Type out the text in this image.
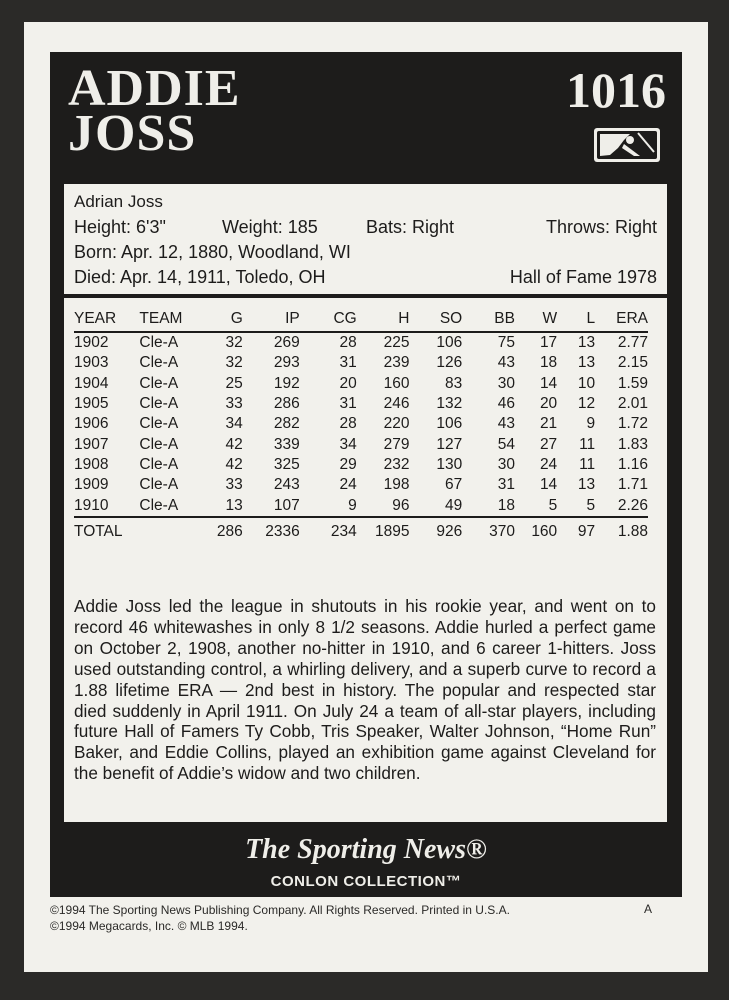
ADDIE
JOSS
1016
Adrian Joss
Height: 6'3"	Weight: 185	Bats: Right	Throws: Right
Born: Apr. 12, 1880, Woodland, WI
Died: Apr. 14, 1911, Toledo, OH	Hall of Fame 1978
YEAR	TEAM	G	IP	CG	H	SO	BB	W	L	ERA
1902	Cle-A	32	269	28	225	106	75	17	13	2.77
1903	Cle-A	32	293	31	239	126	43	18	13	2.15
1904	Cle-A	25	192	20	160	83	30	14	10	1.59
1905	Cle-A	33	286	31	246	132	46	20	12	2.01
1906	Cle-A	34	282	28	220	106	43	21	9	1.72
1907	Cle-A	42	339	34	279	127	54	27	11	1.83
1908	Cle-A	42	325	29	232	130	30	24	11	1.16
1909	Cle-A	33	243	24	198	67	31	14	13	1.71
1910	Cle-A	13	107	9	96	49	18	5	5	2.26
TOTAL		286	2336	234	1895	926	370	160	97	1.88
Addie Joss led the league in shutouts in his rookie year, and went on to record 46 whitewashes in only 8 1/2 seasons. Addie hurled a perfect game on October 2, 1908, another no-hitter in 1910, and 6 career 1-hitters. Joss used outstanding control, a whirling delivery, and a superb curve to record a 1.88 lifetime ERA — 2nd best in history. The popular and respected star died suddenly in April 1911. On July 24 a team of all-star players, including future Hall of Famers Ty Cobb, Tris Speaker, Walter Johnson, “Home Run” Baker, and Eddie Collins, played an exhibition game against Cleveland for the benefit of Addie’s widow and two children.
The Sporting News®
CONLON COLLECTION™
©1994 The Sporting News Publishing Company. All Rights Reserved. Printed in U.S.A.
©1994 Megacards, Inc. © MLB 1994.
A
